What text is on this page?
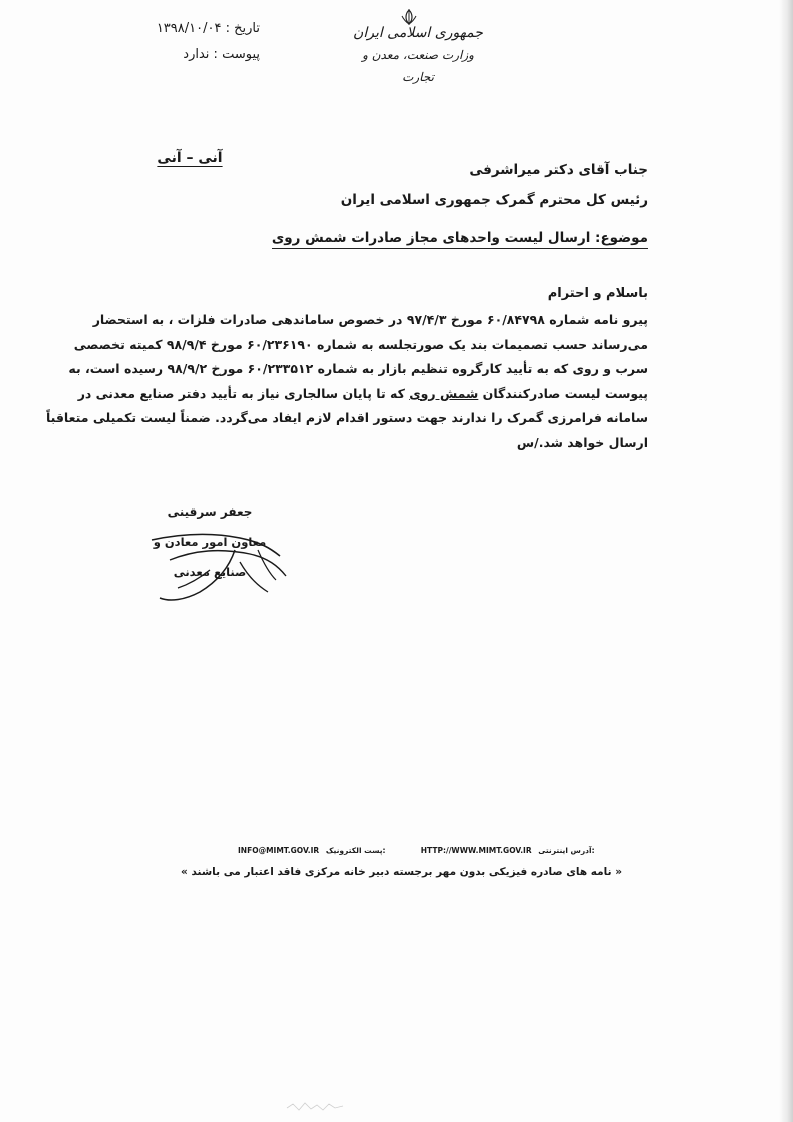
تاریخ : ۱۳۹۸/۱۰/۰۴
پیوست : ندارد
جمهوری اسلامی ایران
وزارت صنعت، معدن و تجارت
آنی – آنی
جناب آقای دکتر میراشرفی
رئیس کل محترم گمرک جمهوری اسلامی ایران
موضوع: ارسال لیست واحدهای مجاز صادرات شمش روی
باسلام و احترام
پیرو نامه شماره ۶۰/۸۴۷۹۸ مورخ ۹۷/۴/۳ در خصوص ساماندهی صادرات فلزات ، به استحضار
می‌رساند حسب تصمیمات بند یک صورتجلسه به شماره ۶۰/۲۳۶۱۹۰ مورخ ۹۸/۹/۴ کمیته تخصصی
سرب و روی که به تأیید کارگروه تنظیم بازار به شماره ۶۰/۲۳۳۵۱۲ مورخ ۹۸/۹/۲ رسیده است، به
پیوست لیست صادرکنندگان شمش روی که تا پایان سالجاری نیاز به تأیید دفتر صنایع معدنی در
سامانه فرامرزی گمرک را ندارند جهت دستور اقدام لازم ایفاد می‌گردد. ضمناً لیست تکمیلی متعاقباً
ارسال خواهد شد./س
جعفر سرقینی
معاون امور معادن و صنایع معدنی
INFO@MIMT.GOV.IR پست الکترونیک:	HTTP://WWW.MIMT.GOV.IR آدرس اینترنتی:
« نامه های صادره فیزیکی بدون مهر برجسته دبیر خانه مرکزی فاقد اعتبار می باشند »
